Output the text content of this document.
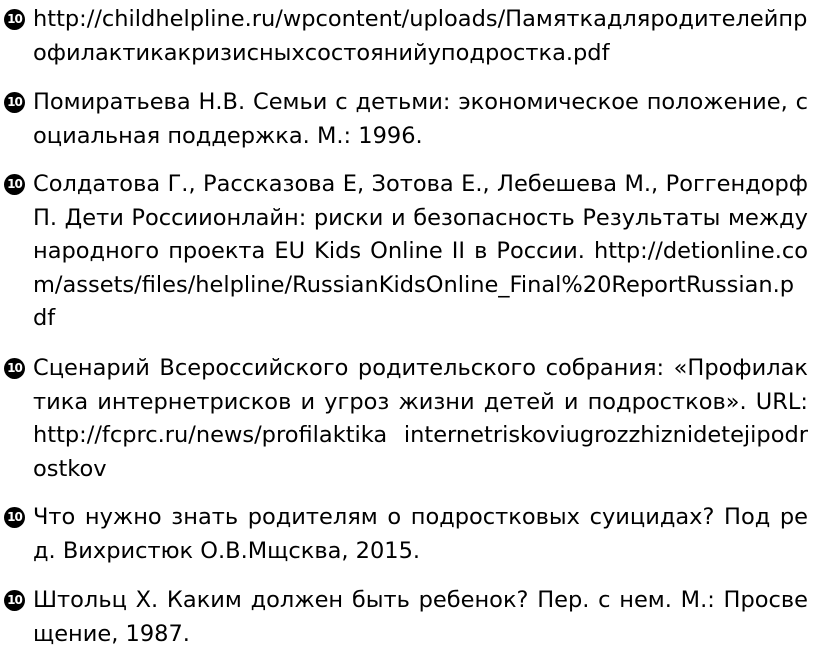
10 http://childhelpline.ru/wpcontent/uploads/Памяткадляродителейпрофилактикакризисныхсостоянийуподростка.pdf
10 Помиратьева Н.В. Семьи с детьми: экономическое положение, социальная поддержка. М.: 1996.
10 Солдатова Г., Рассказова Е, Зотова Е., Лебешева М., Роггендорф П. Дети Россиионлайн: риски и безопасность Результаты международного проекта EU Kids Online II в России. http://detionline.com/assets/files/helpline/RussianKidsOnline_Final%20ReportRussian.pdf
10 Сценарий Всероссийского родительского собрания: «Профилактика интернетрисков и угроз жизни детей и подростков». URL: http://fcprc.ru/news/profilaktika internetriskoviugrozzhiznidetejipodrostkov
10 Что нужно знать родителям о подростковых суицидах? Под ред. Вихристюк О.В.Мщсква, 2015.
10 Штольц Х. Каким должен быть ребенок? Пер. с нем. М.: Просвещение, 1987.
